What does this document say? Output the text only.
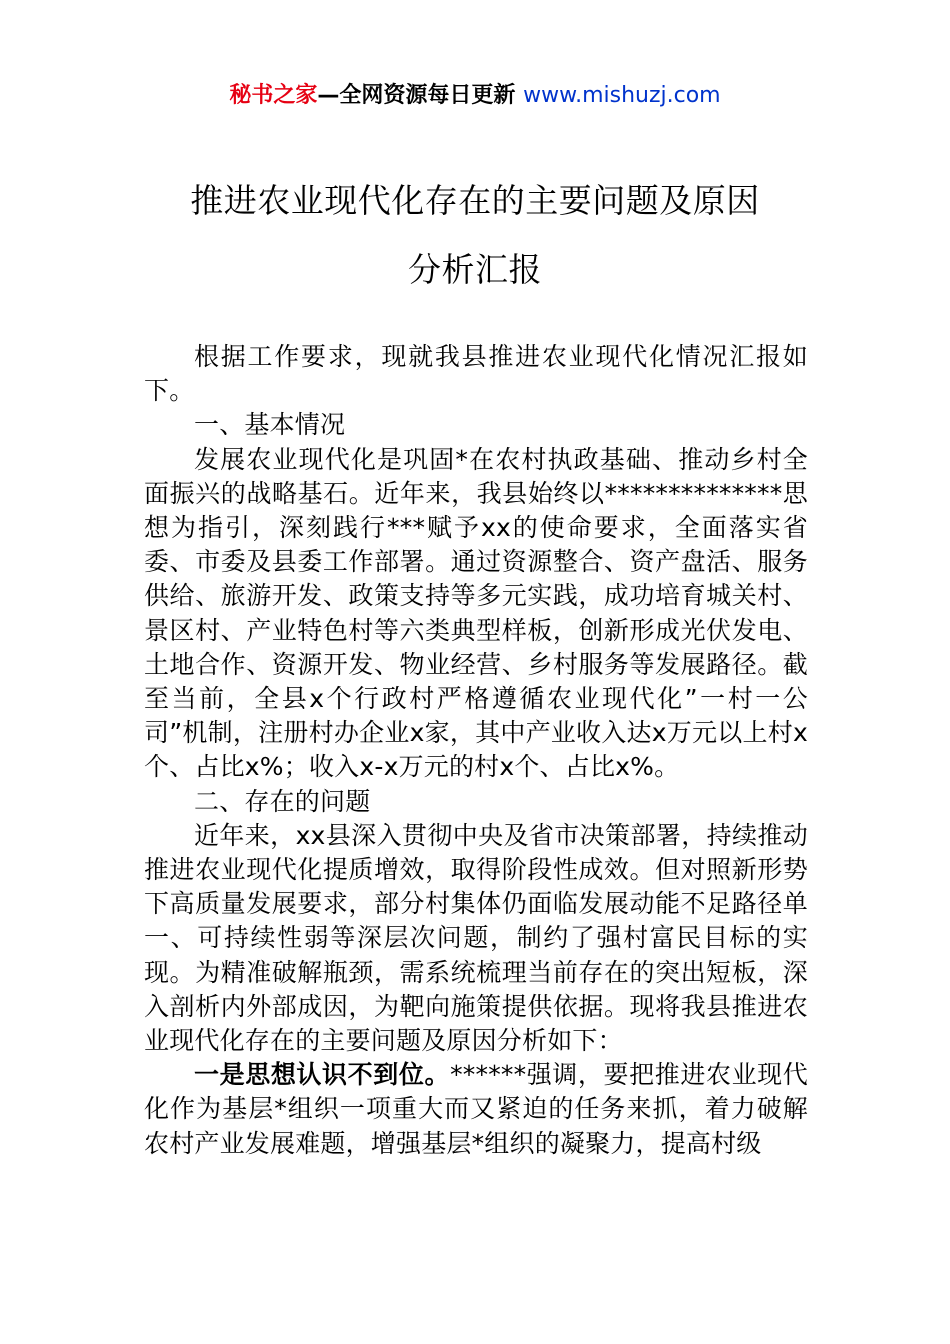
秘书之家—全网资源每日更新 www.mishuzj.com
推进农业现代化存在的主要问题及原因
分析汇报

根据工作要求，现就我县推进农业现代化情况汇报如下。

一、基本情况

发展农业现代化是巩固*在农村执政基础、推动乡村全面振兴的战略基石。近年来，我县始终以**************思想为指引，深刻践行***赋予xx的使命要求，全面落实省委、市委及县委工作部署。通过资源整合、资产盘活、服务供给、旅游开发、政策支持等多元实践，成功培育城关村、景区村、产业特色村等六类典型样板，创新形成光伏发电、土地合作、资源开发、物业经营、乡村服务等发展路径。截至当前，全县x个行政村严格遵循农业现代化”一村一公司”机制，注册村办企业x家，其中产业收入达x万元以上村x个、占比x%；收入x-x万元的村x个、占比x%。

二、存在的问题

近年来，xx县深入贯彻中央及省市决策部署，持续推动推进农业现代化提质增效，取得阶段性成效。但对照新形势下高质量发展要求，部分村集体仍面临发展动能不足路径单一、可持续性弱等深层次问题，制约了强村富民目标的实现。为精准破解瓶颈，需系统梳理当前存在的突出短板，深入剖析内外部成因，为靶向施策提供依据。现将我县推进农业现代化存在的主要问题及原因分析如下：

一是思想认识不到位。******强调，要把推进农业现代化作为基层*组织一项重大而又紧迫的任务来抓，着力破解农村产业发展难题，增强基层*组织的凝聚力，提高村级
